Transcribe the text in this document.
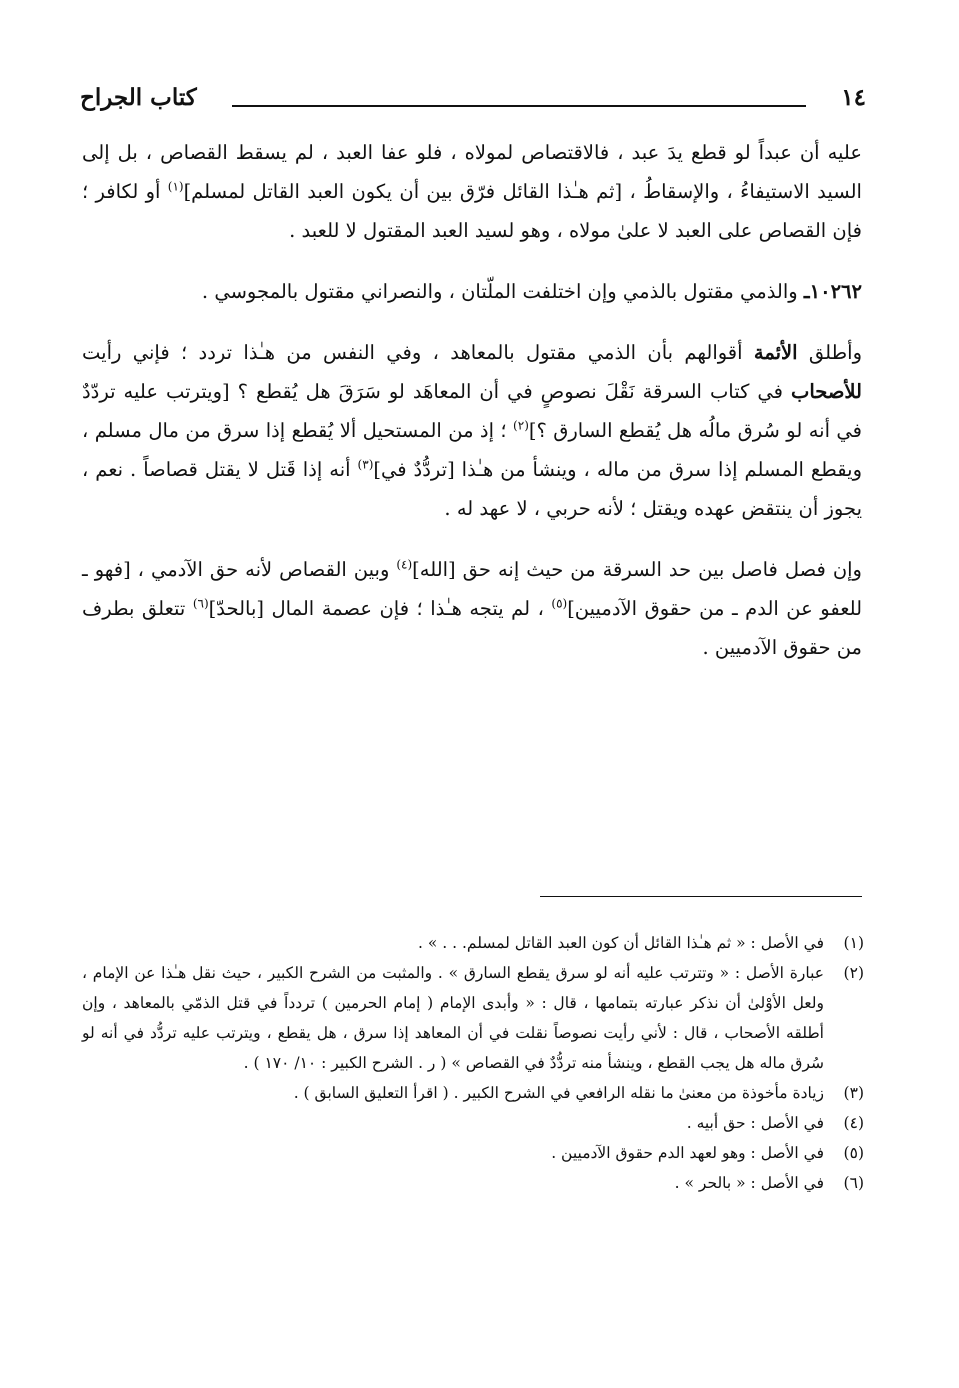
كتاب الجراح	١٤

عليه أن عبداً لو قطع يدَ عبد ، فالاقتصاص لمولاه ، فلو عفا العبد ، لم يسقط القصاص ، بل إلى السيد الاستيفاءُ ، والإسقاطُ ، [ثم هـٰذا القائل فرّق بين أن يكون العبد القاتل لمسلم]$^{(١)}$ أو لكافر ؛ فإن القصاص على العبد لا علىٰ مولاه ، وهو لسيد العبد المقتول لا للعبد .

١٠٢٦٢ـ والذمي مقتول بالذمي وإن اختلفت الملّتان ، والنصراني مقتول بالمجوسي .

وأطلق الأئمة أقوالهم بأن الذمي مقتول بالمعاهد ، وفي النفس من هـٰذا تردد ؛ فإني رأيت للأصحاب في كتاب السرقة نَقْلَ نصوصٍ في أن المعاهَد لو سَرَقَ هل يُقطع ؟ [ويترتب عليه تردّدٌ في أنه لو سُرق مالُه هل يُقطع السارق ؟]$^{(٢)}$ ؛ إذ من المستحيل ألا يُقطع إذا سرق من مال مسلم ، ويقطع المسلم إذا سرق من ماله ، وينشأ من هـٰذا [تردُّدٌ في]$^{(٣)}$ أنه إذا قَتل لا يقتل قصاصاً . نعم ، يجوز أن ينتقض عهده ويقتل ؛ لأنه حربي ، لا عهد له .

وإن فصل فاصل بين حد السرقة من حيث إنه حق [الله]$^{(٤)}$ وبين القصاص لأنه حق الآدمي ، [فهو ـ للعفو عن الدم ـ من حقوق الآدميين]$^{(٥)}$ ، لم يتجه هـٰذا ؛ فإن عصمة المال [بالحدّ]$^{(٦)}$ تتعلق بطرف من حقوق الآدميين .

(١)
في الأصل : « ثم هـٰذا القائل أن كون العبد القاتل لمسلم. . . » .
(٢)
عبارة الأصل : « وتترتب عليه أنه لو سرق يقطع السارق » . والمثبت من الشرح الكبير ، حيث نقل هـٰذا عن الإمام ، ولعل الأوْلىٰ أن نذكر عبارته بتمامها ، قال : « وأبدى الإمام ( إمام الحرمين ) تردداً في قتل الذمّي بالمعاهد ، وإن أطلقه الأصحاب ، قال : لأني رأيت نصوصاً نقلت في أن المعاهد إذا سرق ، هل يقطع ، ويترتب عليه تردُّد في أنه لو سُرق ماله هل يجب القطع ، وينشأ منه تردُّدٌ في القصاص » ( ر . الشرح الكبير : ١٠/ ١٧٠ ) .
(٣)
زيادة مأخوذة من معنىٰ ما نقله الرافعي في الشرح الكبير . ( اقرأ التعليق السابق ) .
(٤)
في الأصل : حق أبيه .
(٥)
في الأصل : وهو لعهد الدم حقوق الآدميين .
(٦)
في الأصل : « بالحر » .
